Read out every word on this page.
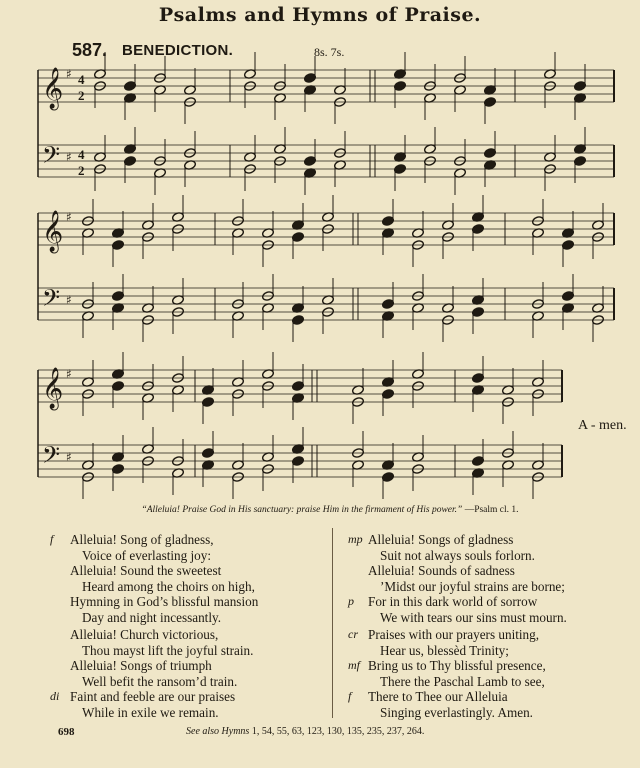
Psalms and Hymns of Praise.
587. BENEDICTION.	8s. 7s.
𝄞 ♯ 4
2
𝄢 ♯ 4
2
𝄞 ♯
𝄢 ♯
𝄞 ♯
𝄢 ♯
A - men.
“Alleluia! Praise God in His sanctuary: praise Him in the firmament of His power.” —Psalm cl. 1.
f Alleluia! Song of gladness,
Voice of everlasting joy:
Alleluia! Sound the sweetest
Heard among the choirs on high,
Hymning in God’s blissful mansion
Day and night incessantly.
Alleluia! Church victorious,
Thou mayst lift the joyful strain.
Alleluia! Songs of triumph
Well befit the ransom’d train.
di Faint and feeble are our praises
While in exile we remain.
mp Alleluia! Songs of gladness
Suit not always souls forlorn.
Alleluia! Sounds of sadness
’Midst our joyful strains are borne;
p For in this dark world of sorrow
We with tears our sins must mourn.
cr Praises with our prayers uniting,
Hear us, blessèd Trinity;
mf Bring us to Thy blissful presence,
There the Paschal Lamb to see,
f There to Thee our Alleluia
Singing everlastingly. Amen.
698	See also Hymns 1, 54, 55, 63, 123, 130, 135, 235, 237, 264.
